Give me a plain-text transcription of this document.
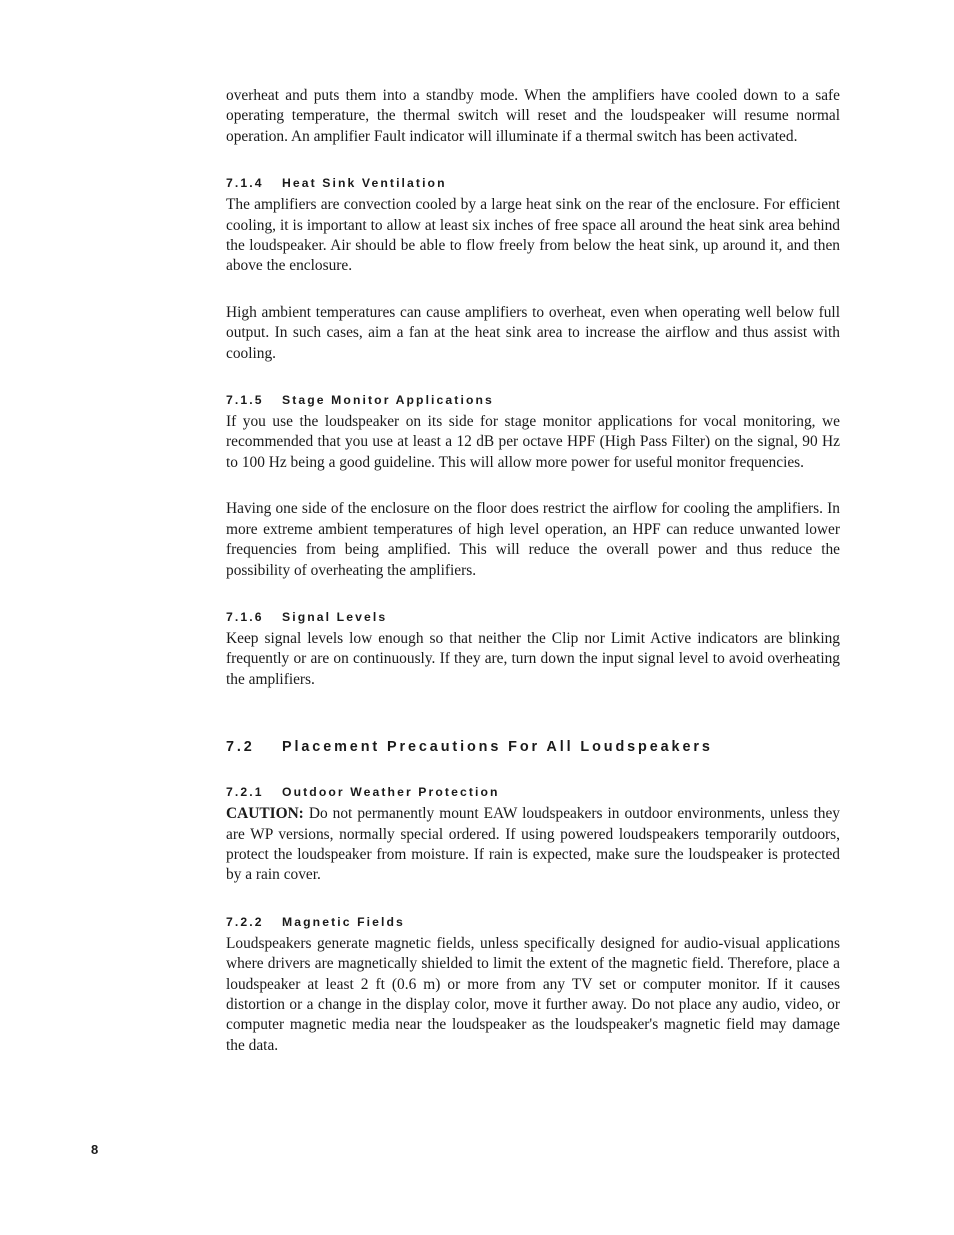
overheat and puts them into a standby mode. When the amplifiers have cooled down to a safe operating temperature, the thermal switch will reset and the loudspeaker will resume normal operation. An amplifier Fault indicator will illuminate if a thermal switch has been activated.

7.1.4 Heat Sink Ventilation

The amplifiers are convection cooled by a large heat sink on the rear of the enclosure. For efficient cooling, it is important to allow at least six inches of free space all around the heat sink area behind the loudspeaker. Air should be able to flow freely from below the heat sink, up around it, and then above the enclosure.

High ambient temperatures can cause amplifiers to overheat, even when operating well below full output. In such cases, aim a fan at the heat sink area to increase the airflow and thus assist with cooling.

7.1.5 Stage Monitor Applications

If you use the loudspeaker on its side for stage monitor applications for vocal monitoring, we recommended that you use at least a 12 dB per octave HPF (High Pass Filter) on the signal, 90 Hz to 100 Hz being a good guideline. This will allow more power for useful monitor frequencies.

Having one side of the enclosure on the floor does restrict the airflow for cooling the amplifiers. In more extreme ambient temperatures of high level operation, an HPF can reduce unwanted lower frequencies from being amplified. This will reduce the overall power and thus reduce the possibility of overheating the amplifiers.

7.1.6 Signal Levels

Keep signal levels low enough so that neither the Clip nor Limit Active indicators are blinking frequently or are on continuously. If they are, turn down the input signal level to avoid overheating the amplifiers.

7.2 Placement Precautions For All Loudspeakers
7.2.1 Outdoor Weather Protection

CAUTION: Do not permanently mount EAW loudspeakers in outdoor environments, unless they are WP versions, normally special ordered. If using powered loudspeakers temporarily outdoors, protect the loudspeaker from moisture. If rain is expected, make sure the loudspeaker is protected by a rain cover.

7.2.2 Magnetic Fields

Loudspeakers generate magnetic fields, unless specifically designed for audio-visual applications where drivers are magnetically shielded to limit the extent of the magnetic field. Therefore, place a loudspeaker at least 2 ft (0.6 m) or more from any TV set or computer monitor. If it causes distortion or a change in the display color, move it further away. Do not place any audio, video, or computer magnetic media near the loudspeaker as the loudspeaker's magnetic field may damage the data.

8
